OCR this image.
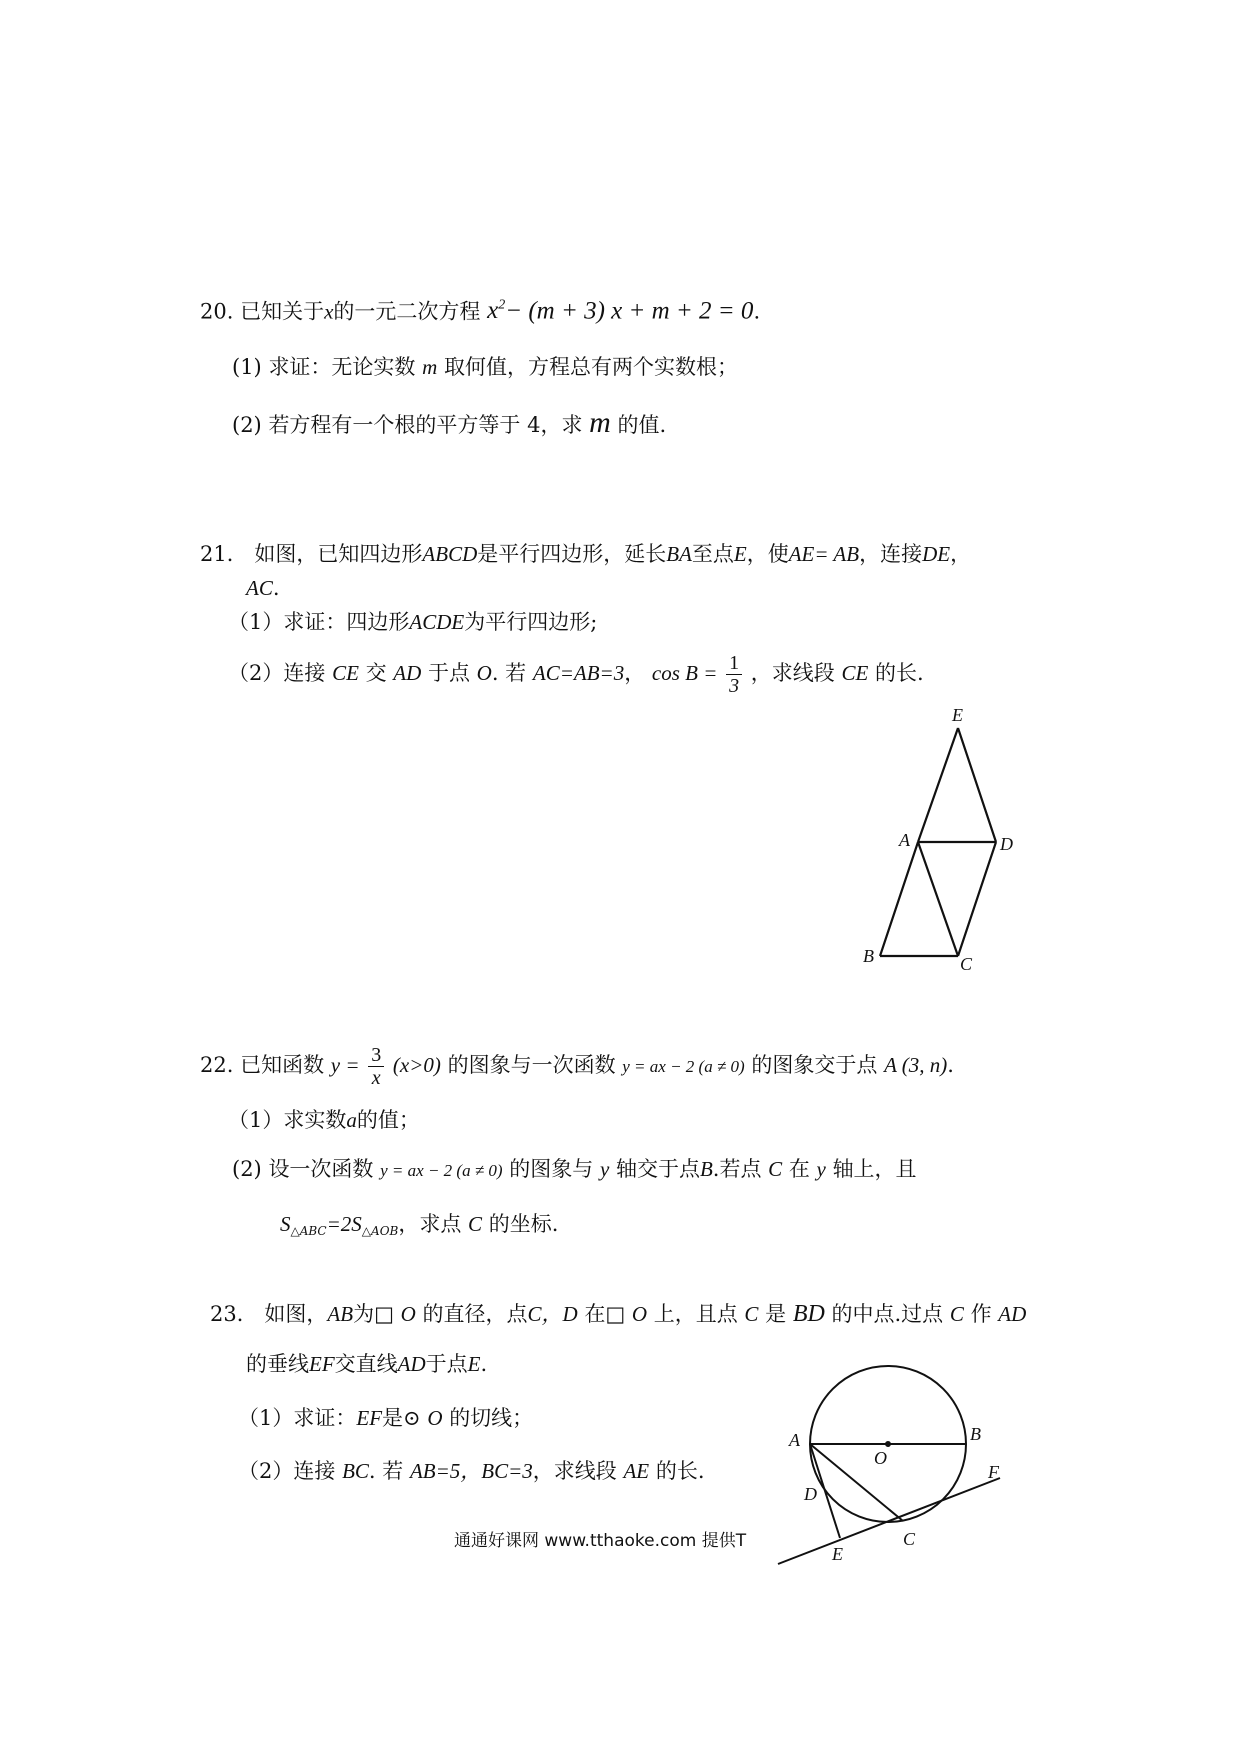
20. 已知关于x的一元二次方程 $x^2- (m + 3) x + m + 2 = 0$.
(1) 求证：无论实数 m 取何值，方程总有两个实数根；
(2) 若方程有一个根的平方等于 4，求 m 的值.
21． 如图，已知四边形ABCD是平行四边形，延长BA至点E，使AE= AB，连接DE，
AC.
（1）求证：四边形ACDE为平行四边形;
（2）连接 CE 交 AD 于点 O. 若 AC=AB=3， $\cos B = \frac{1}{3}$ ，求线段 CE 的长.
E
A	D
B	C
22. 已知函数 $y = \frac{3}{x} (x>0)$ 的图象与一次函数 y = ax − 2 (a ≠ 0) 的图象交于点 A (3, n).
（1）求实数a的值；
(2) 设一次函数 y = ax − 2 (a ≠ 0) 的图象与 y 轴交于点B.若点 C 在 y 轴上，且
$S_{\triangle ABC}=2S_{\triangle AOB}$，求点 C 的坐标.
23． 如图，AB为□ O 的直径，点C，D 在□ O 上，且点 C 是 BD 的中点.过点 C 作 AD
的垂线EF交直线AD于点E.
（1）求证：EF是⊙ O 的切线；
（2）连接 BC. 若 AB=5，BC=3，求线段 AE 的长.
A	B
O
D
C
F
E
通通好课网 www.tthaoke.com 提供T
